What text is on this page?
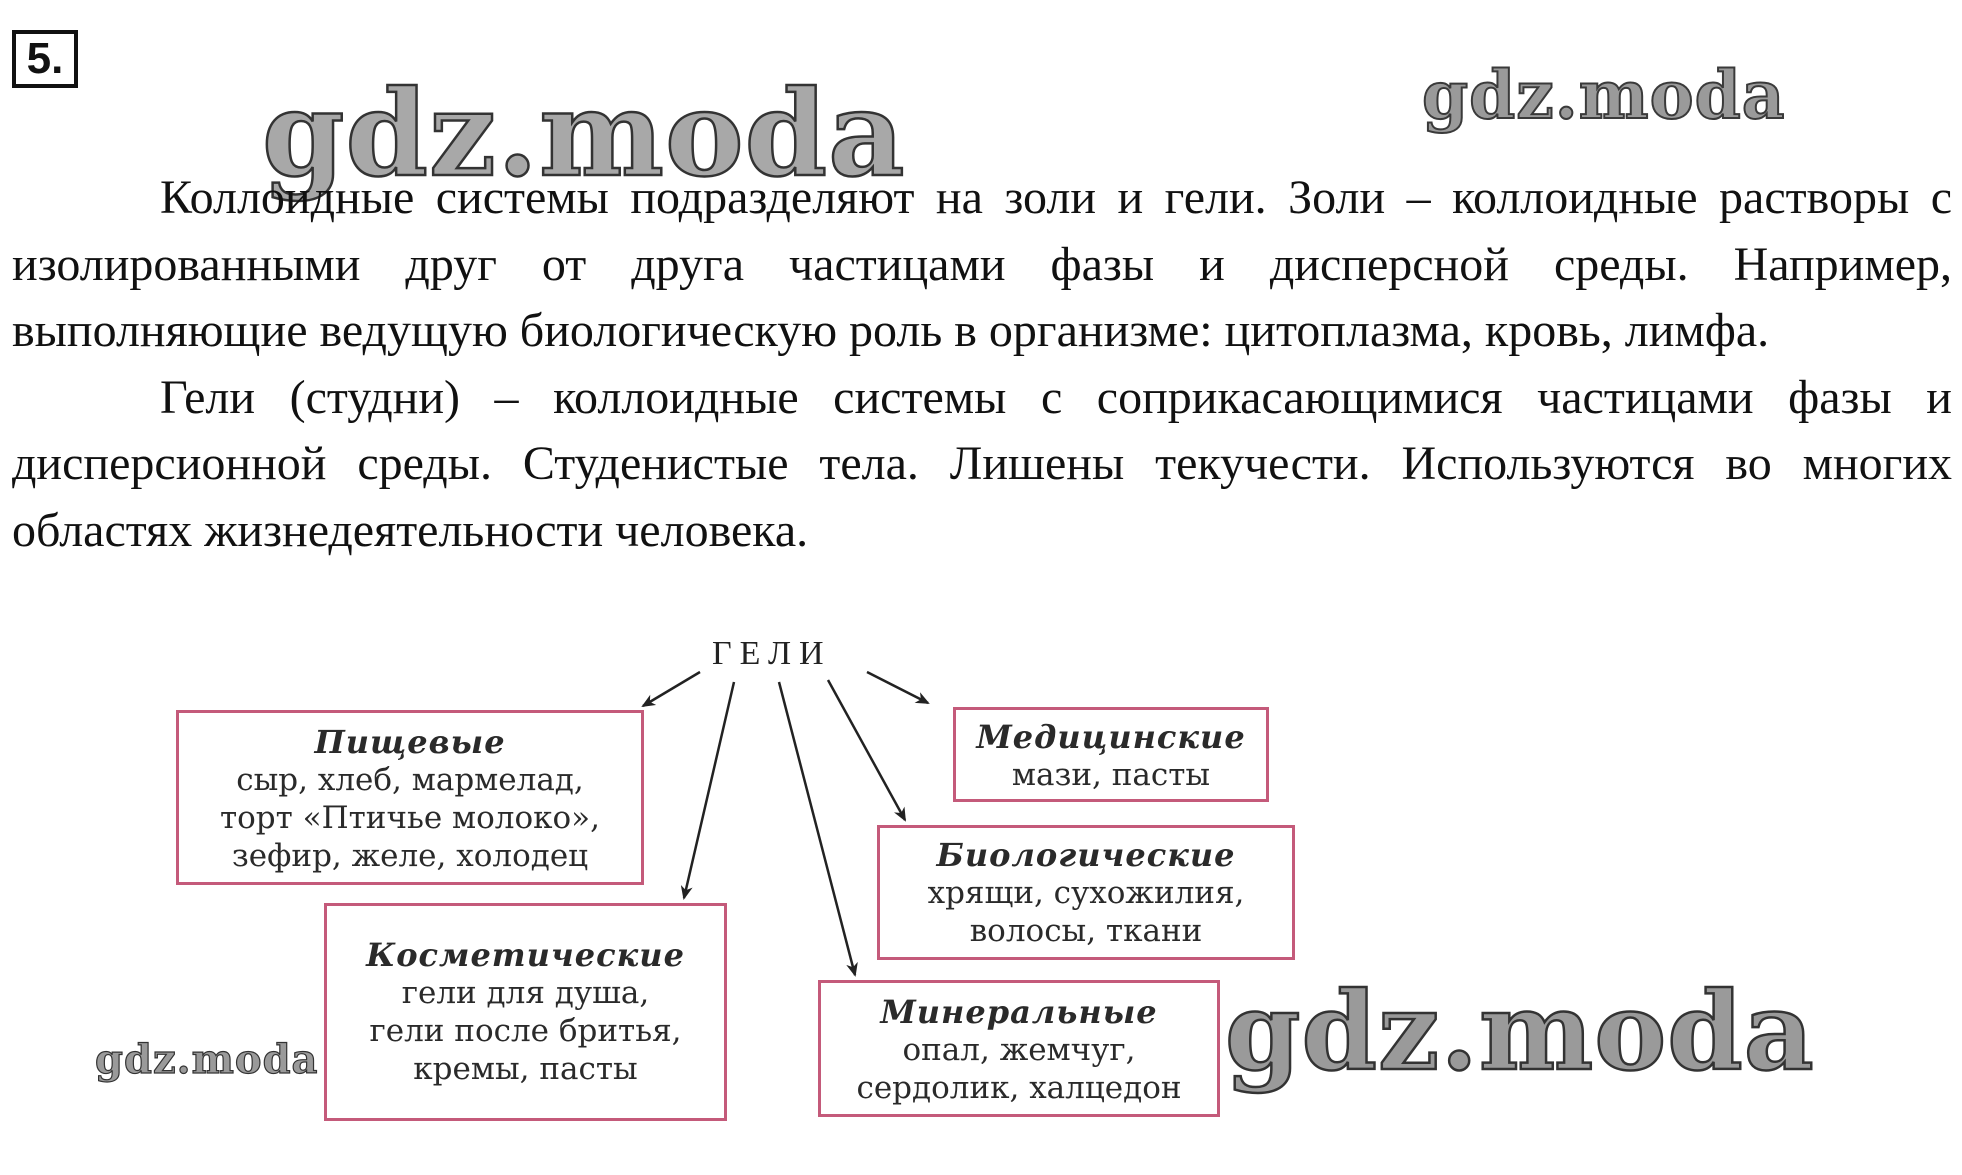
5.
gdz.moda	gdz.moda

Коллоидные системы подразделяют на золи и гели. Золи – коллоидные растворы с изолированными друг от друга частицами фазы и дисперсной среды. Например, выполняющие ведущую биологическую роль в организме: цитоплазма, кровь, лимфа.

Гели (студни) – коллоидные системы с соприкасающимися частицами фазы и дисперсионной среды. Студенистые тела. Лишены текучести. Используются во многих областях жизнедеятельности человека.

ГЕЛИ
Пищевые
сыр, хлеб, мармелад,
торт «Птичье молоко»,
зефир, желе, холодец
Косметические
гели для душа,
гели после бритья,
кремы, пасты
Медицинские
мази, пасты
Биологические
хрящи, сухожилия,
волосы, ткани
Минеральные
опал, жемчуг,
сердолик, халцедон gdz.moda
gdz.moda
